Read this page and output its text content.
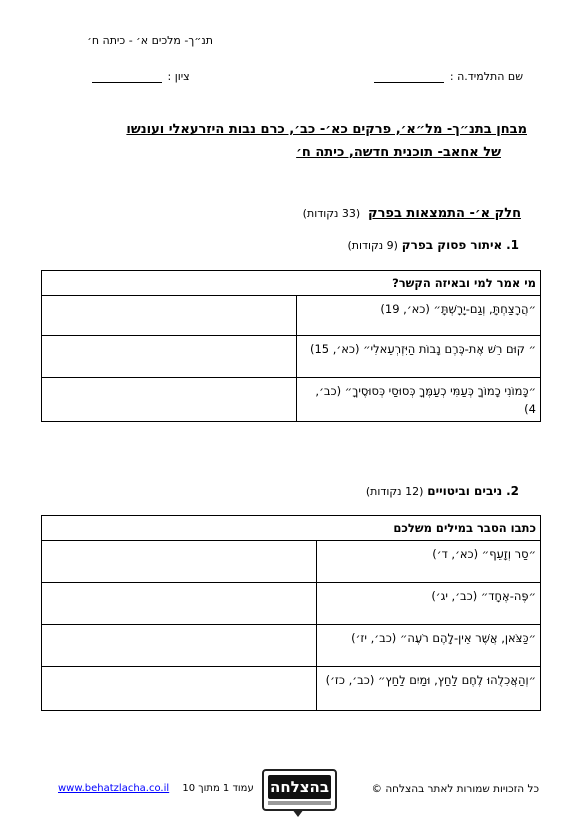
תנ״ך- מלכים א׳ - כיתה ח׳
שם התלמיד.ה :
ציון :
מבחן בתנ״ך- מל״א׳, פרקים כא׳- כב׳, כרם נבות היזרעאלי ועונשו
של אחאב- תוכנית חדשה, כיתה ח׳
חלק א׳- התמצאות בפרק (33 נקודות)
1. איתור פסוק בפרק (9 נקודות)
מי אמר למי ובאיזה הקשר?	
״הֲרָצַחְתָּ, וְגַם-יָרָשְׁתָּ״ (כא׳, 19)	
״ קוּם רֵשׁ אֶת-כֶּרֶם נָבוֹת הַיִּזְרְעֵאלִי״ (כא׳, 15)	
״כָּמוֹנִי כָמוֹךָ כְּעַמִּי כְעַמֶּךָ כְּסוּסַי כְּסוּסֶיךָ״ (כב׳, 4)	
2. ניבים וביטויים (12 נקודות)
כתבו הסבר במילים משלכם	
״סַר וְזָעֵף״ (כא׳, ד׳)	
״פֶּה-אֶחָד״ (כב׳, יג׳)	
״כַּצֹּאן, אֲשֶׁר אֵין-לָהֶם רֹעֶה״ (כב׳, יז׳)	
״וְהַאֲכִלֻהוּ לֶחֶם לַחַץ, וּמַיִם לַחַץ״ (כב׳, כז׳)	
כל הזכויות שמורות לאתר בהצלחה ©
בהצלחה
עמוד 1 מתוך 10 www.behatzlacha.co.il
